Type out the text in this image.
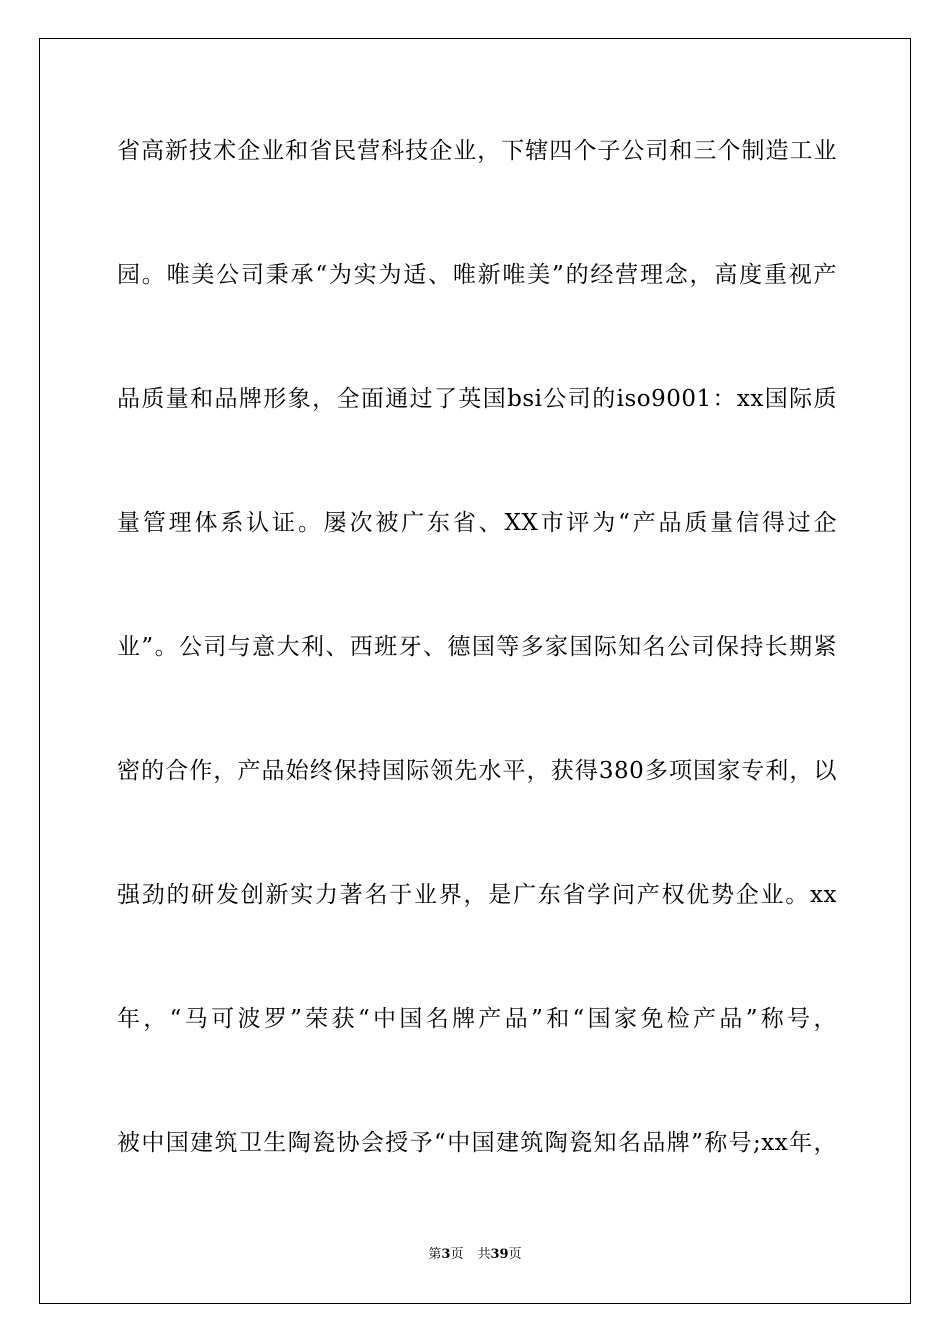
省高新技术企业和省民营科技企业，下辖四个子公司和三个制造工业
园。唯美公司秉承“为实为适、唯新唯美”的经营理念，高度重视产
品质量和品牌形象，全面通过了英国bsi公司的iso9001：xx国际质
量管理体系认证。屡次被广东省、XX市评为“产品质量信得过企
业”。公司与意大利、西班牙、德国等多家国际知名公司保持长期紧
密的合作，产品始终保持国际领先水平，获得380多项国家专利，以
强劲的研发创新实力著名于业界，是广东省学问产权优势企业。xx
年，“马可波罗”荣获“中国名牌产品”和“国家免检产品”称号，
被中国建筑卫生陶瓷协会授予“中国建筑陶瓷知名品牌”称号;xx年，
第3页 共39页
